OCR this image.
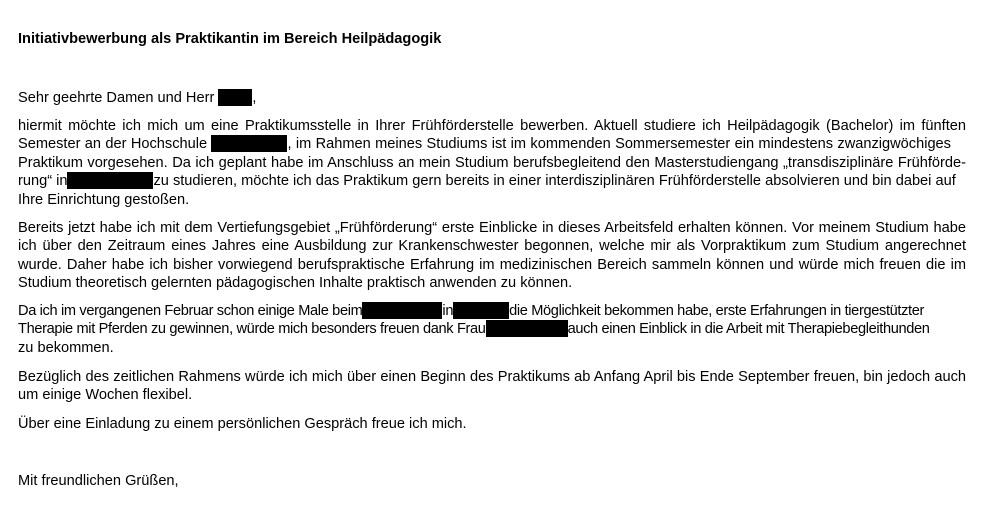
Initiativbewerbung als Praktikantin im Bereich Heilpädagogik
Sehr geehrte Damen und Herr ,
hiermit möchte ich mich um eine Praktikumsstelle in Ihrer Frühförderstelle bewerben. Aktuell studiere ich Heilpädagogik (Bachelor) im fünften
Semester an der Hochschule	, im Rahmen meines Studiums ist im kommenden Sommersemester ein mindestens zwanzigwöchiges
Praktikum vorgesehen. Da ich geplant habe im Anschluss an mein Studium berufsbegleitend den Masterstudiengang „transdisziplinäre Frühförde-
rung“ in	zu studieren, möchte ich das Praktikum gern bereits in einer interdisziplinären Frühförderstelle absolvieren und bin dabei auf
Ihre Einrichtung gestoßen.
Bereits jetzt habe ich mit dem Vertiefungsgebiet „Frühförderung“ erste Einblicke in dieses Arbeitsfeld erhalten können. Vor meinem Studium habe
ich über den Zeitraum eines Jahres eine Ausbildung zur Krankenschwester begonnen, welche mir als Vorpraktikum zum Studium angerechnet
wurde. Daher habe ich bisher vorwiegend berufspraktische Erfahrung im medizinischen Bereich sammeln können und würde mich freuen die im
Studium theoretisch gelernten pädagogischen Inhalte praktisch anwenden zu können.
Da ich im vergangenen Februar schon einige Male beim	in	die Möglichkeit bekommen habe, erste Erfahrungen in tiergestützter
Therapie mit Pferden zu gewinnen, würde mich besonders freuen dank Frau	auch einen Einblick in die Arbeit mit Therapiebegleithunden
zu bekommen.
Bezüglich des zeitlichen Rahmens würde ich mich über einen Beginn des Praktikums ab Anfang April bis Ende September freuen, bin jedoch auch
um einige Wochen flexibel.
Über eine Einladung zu einem persönlichen Gespräch freue ich mich.
Mit freundlichen Grüßen,
